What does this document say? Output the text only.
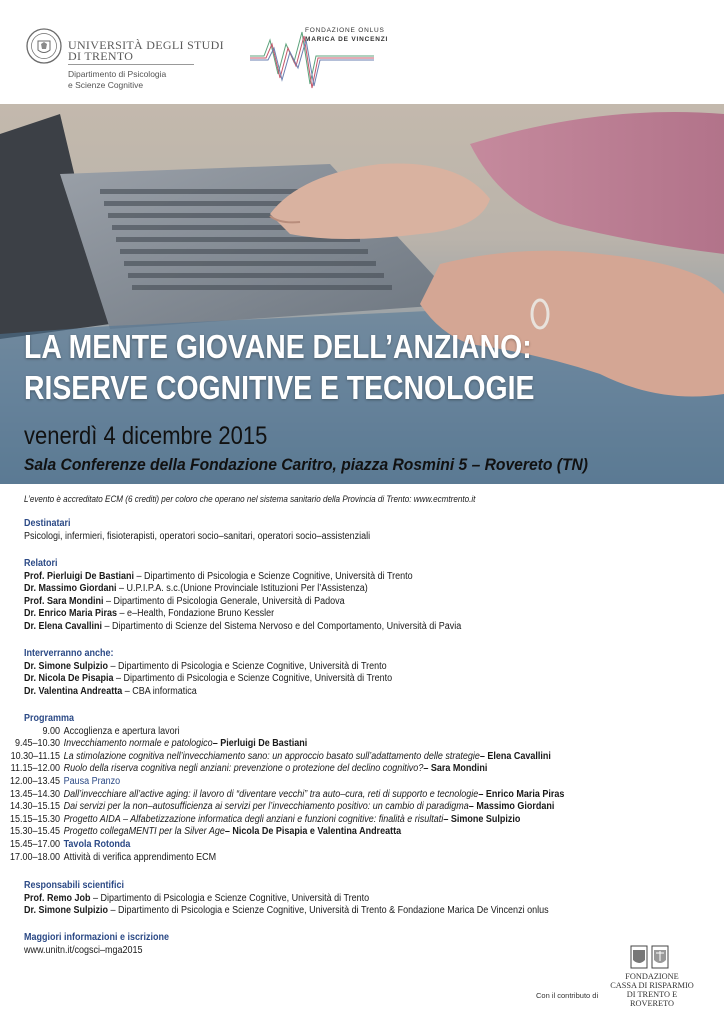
UNIVERSITÀ DEGLI STUDI
DI TRENTO
Dipartimento di Psicologia
e Scienze Cognitive
FONDAZIONE ONLUS
MARICA DE VINCENZI
LA MENTE GIOVANE DELL’ANZIANO:
RISERVE COGNITIVE E TECNOLOGIE
venerdì 4 dicembre 2015
Sala Conferenze della Fondazione Caritro, piazza Rosmini 5 – Rovereto (TN)
L’evento è accreditato ECM (6 crediti) per coloro che operano nel sistema sanitario della Provincia di Trento: www.ecmtrento.it
Destinatari
Psicologi, infermieri, fisioterapisti, operatori socio–sanitari, operatori socio–assistenziali
Relatori
Prof. Pierluigi De Bastiani – Dipartimento di Psicologia e Scienze Cognitive, Università di Trento
Dr. Massimo Giordani – U.P.I.P.A. s.c.(Unione Provinciale Istituzioni Per l’Assistenza)
Prof. Sara Mondini – Dipartimento di Psicologia Generale, Università di Padova
Dr. Enrico Maria Piras – e–Health, Fondazione Bruno Kessler
Dr. Elena Cavallini – Dipartimento di Scienze del Sistema Nervoso e del Comportamento, Università di Pavia
Interverranno anche:
Dr. Simone Sulpizio – Dipartimento di Psicologia e Scienze Cognitive, Università di Trento
Dr. Nicola De Pisapia – Dipartimento di Psicologia e Scienze Cognitive, Università di Trento
Dr. Valentina Andreatta – CBA informatica
Programma
9.00 Accoglienza e apertura lavori
9.45–10.30 Invecchiamento normale e patologico – Pierluigi De Bastiani
10.30–11.15 La stimolazione cognitiva nell’invecchiamento sano: un approccio basato sull’adattamento delle strategie – Elena Cavallini
11.15–12.00 Ruolo della riserva cognitiva negli anziani: prevenzione o protezione del declino cognitivo? – Sara Mondini
12.00–13.45 Pausa Pranzo
13.45–14.30 Dall’invecchiare all’active aging: il lavoro di “diventare vecchi” tra auto–cura, reti di supporto e tecnologie – Enrico Maria Piras
14.30–15.15 Dai servizi per la non–autosufficienza ai servizi per l’invecchiamento positivo: un cambio di paradigma – Massimo Giordani
15.15–15.30 Progetto AIDA – Alfabetizzazione informatica degli anziani e funzioni cognitive: finalità e risultati – Simone Sulpizio
15.30–15.45 Progetto collegaMENTI per la Silver Age – Nicola De Pisapia e Valentina Andreatta
15.45–17.00 Tavola Rotonda
17.00–18.00 Attività di verifica apprendimento ECM
Responsabili scientifici
Prof. Remo Job – Dipartimento di Psicologia e Scienze Cognitive, Università di Trento
Dr. Simone Sulpizio – Dipartimento di Psicologia e Scienze Cognitive, Università di Trento & Fondazione Marica De Vincenzi onlus
Maggiori informazioni e iscrizione
www.unitn.it/cogsci–mga2015
FONDAZIONE
CASSA DI RISPARMIO
DI TRENTO E ROVERETO
Con il contributo di
